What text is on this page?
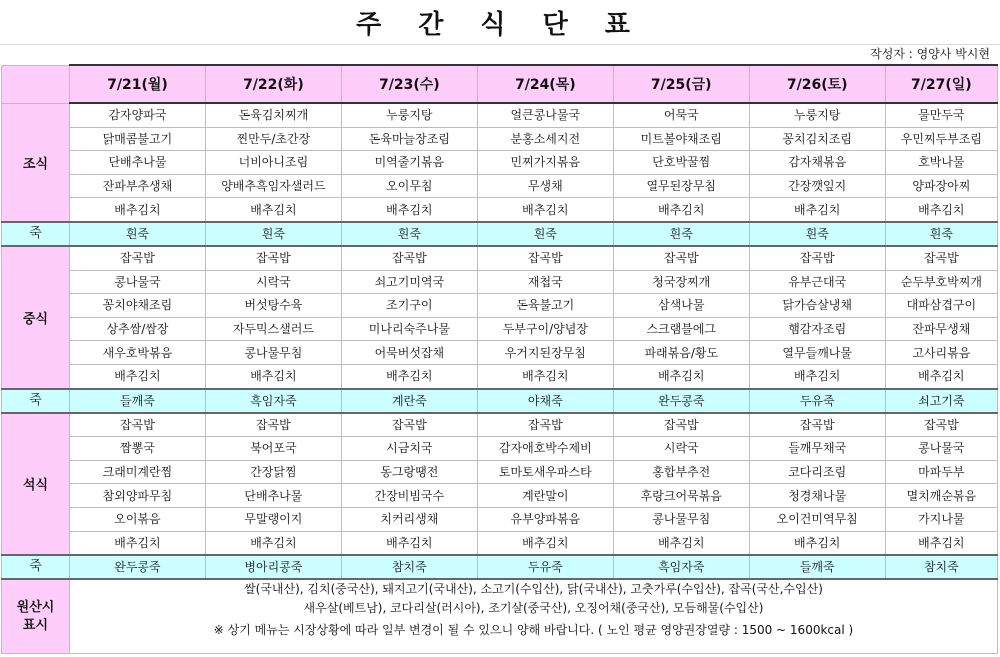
주 간 식 단 표
작성자 : 영양사 박시현
	7/21(월)	7/22(화)	7/23(수)	7/24(목)	7/25(금)	7/26(토)	7/27(일)
조식	감자양파국	돈육김치찌개	누룽지탕	얼큰콩나물국	어묵국	누룽지탕	물만두국
	닭매콤불고기	찐만두/초간장	돈육마늘장조림	분홍소세지전	미트볼야채조림	꽁치김치조림	우민찌두부조림
	단배추나물	너비아니조림	미역줄기볶음	민찌가지볶음	단호박꿀찜	감자채볶음	호박나물
	잔파부추생채	양배추흑임자샐러드	오이무침	무생채	열무된장무침	간장깻잎지	양파장아찌
	배추김치	배추김치	배추김치	배추김치	배추김치	배추김치	배추김치
죽	흰죽	흰죽	흰죽	흰죽	흰죽	흰죽	흰죽
중식	잡곡밥	잡곡밥	잡곡밥	잡곡밥	잡곡밥	잡곡밥	잡곡밥
	콩나물국	시락국	쇠고기미역국	재첩국	청국장찌개	유부근대국	순두부호박찌개
	꽁치야채조림	버섯탕수육	조기구이	돈육불고기	삼색나물	닭가슴살냉채	대파삼겹구이
	상추쌈/쌈장	자두믹스샐러드	미나리숙주나물	두부구이/양념장	스크램블에그	햄감자조림	잔파무생채
	새우호박볶음	콩나물무침	어묵버섯잡채	우거지된장무침	파래볶음/황도	열무들깨나물	고사리볶음
	배추김치	배추김치	배추김치	배추김치	배추김치	배추김치	배추김치
죽	들깨죽	흑임자죽	계란죽	야채죽	완두콩죽	두유죽	쇠고기죽
석식	잡곡밥	잡곡밥	잡곡밥	잡곡밥	잡곡밥	잡곡밥	잡곡밥
	짬뽕국	북어포국	시금치국	감자애호박수제비	시락국	들깨무채국	콩나물국
	크래미계란찜	간장닭찜	동그랑땡전	토마토새우파스타	홍합부추전	코다리조림	마파두부
	참외양파무침	단배추나물	간장비빔국수	계란말이	후랑크어묵볶음	청경채나물	멸치깨순볶음
	오이볶음	무말랭이지	치커리생채	유부양파볶음	콩나물무침	오이건미역무침	가지나물
	배추김치	배추김치	배추김치	배추김치	배추김치	배추김치	배추김치
죽	완두콩죽	병아리콩죽	참치죽	두유죽	흑임자죽	들깨죽	참치죽
원산시
표시	쌀(국내산), 김치(중국산), 돼지고기(국내산), 소고기(수입산), 닭(국내산), 고춧가루(수입산), 잡곡(국산,수입산)
새우살(베트남), 코다리살(러시아), 조기살(중국산), 오징어채(중국산), 모듬해물(수입산)
※ 상기 메뉴는 시장상황에 따라 일부 변경이 될 수 있으니 양해 바랍니다. ( 노인 평균 영양권장열량 : 1500 ~ 1600kcal )						
